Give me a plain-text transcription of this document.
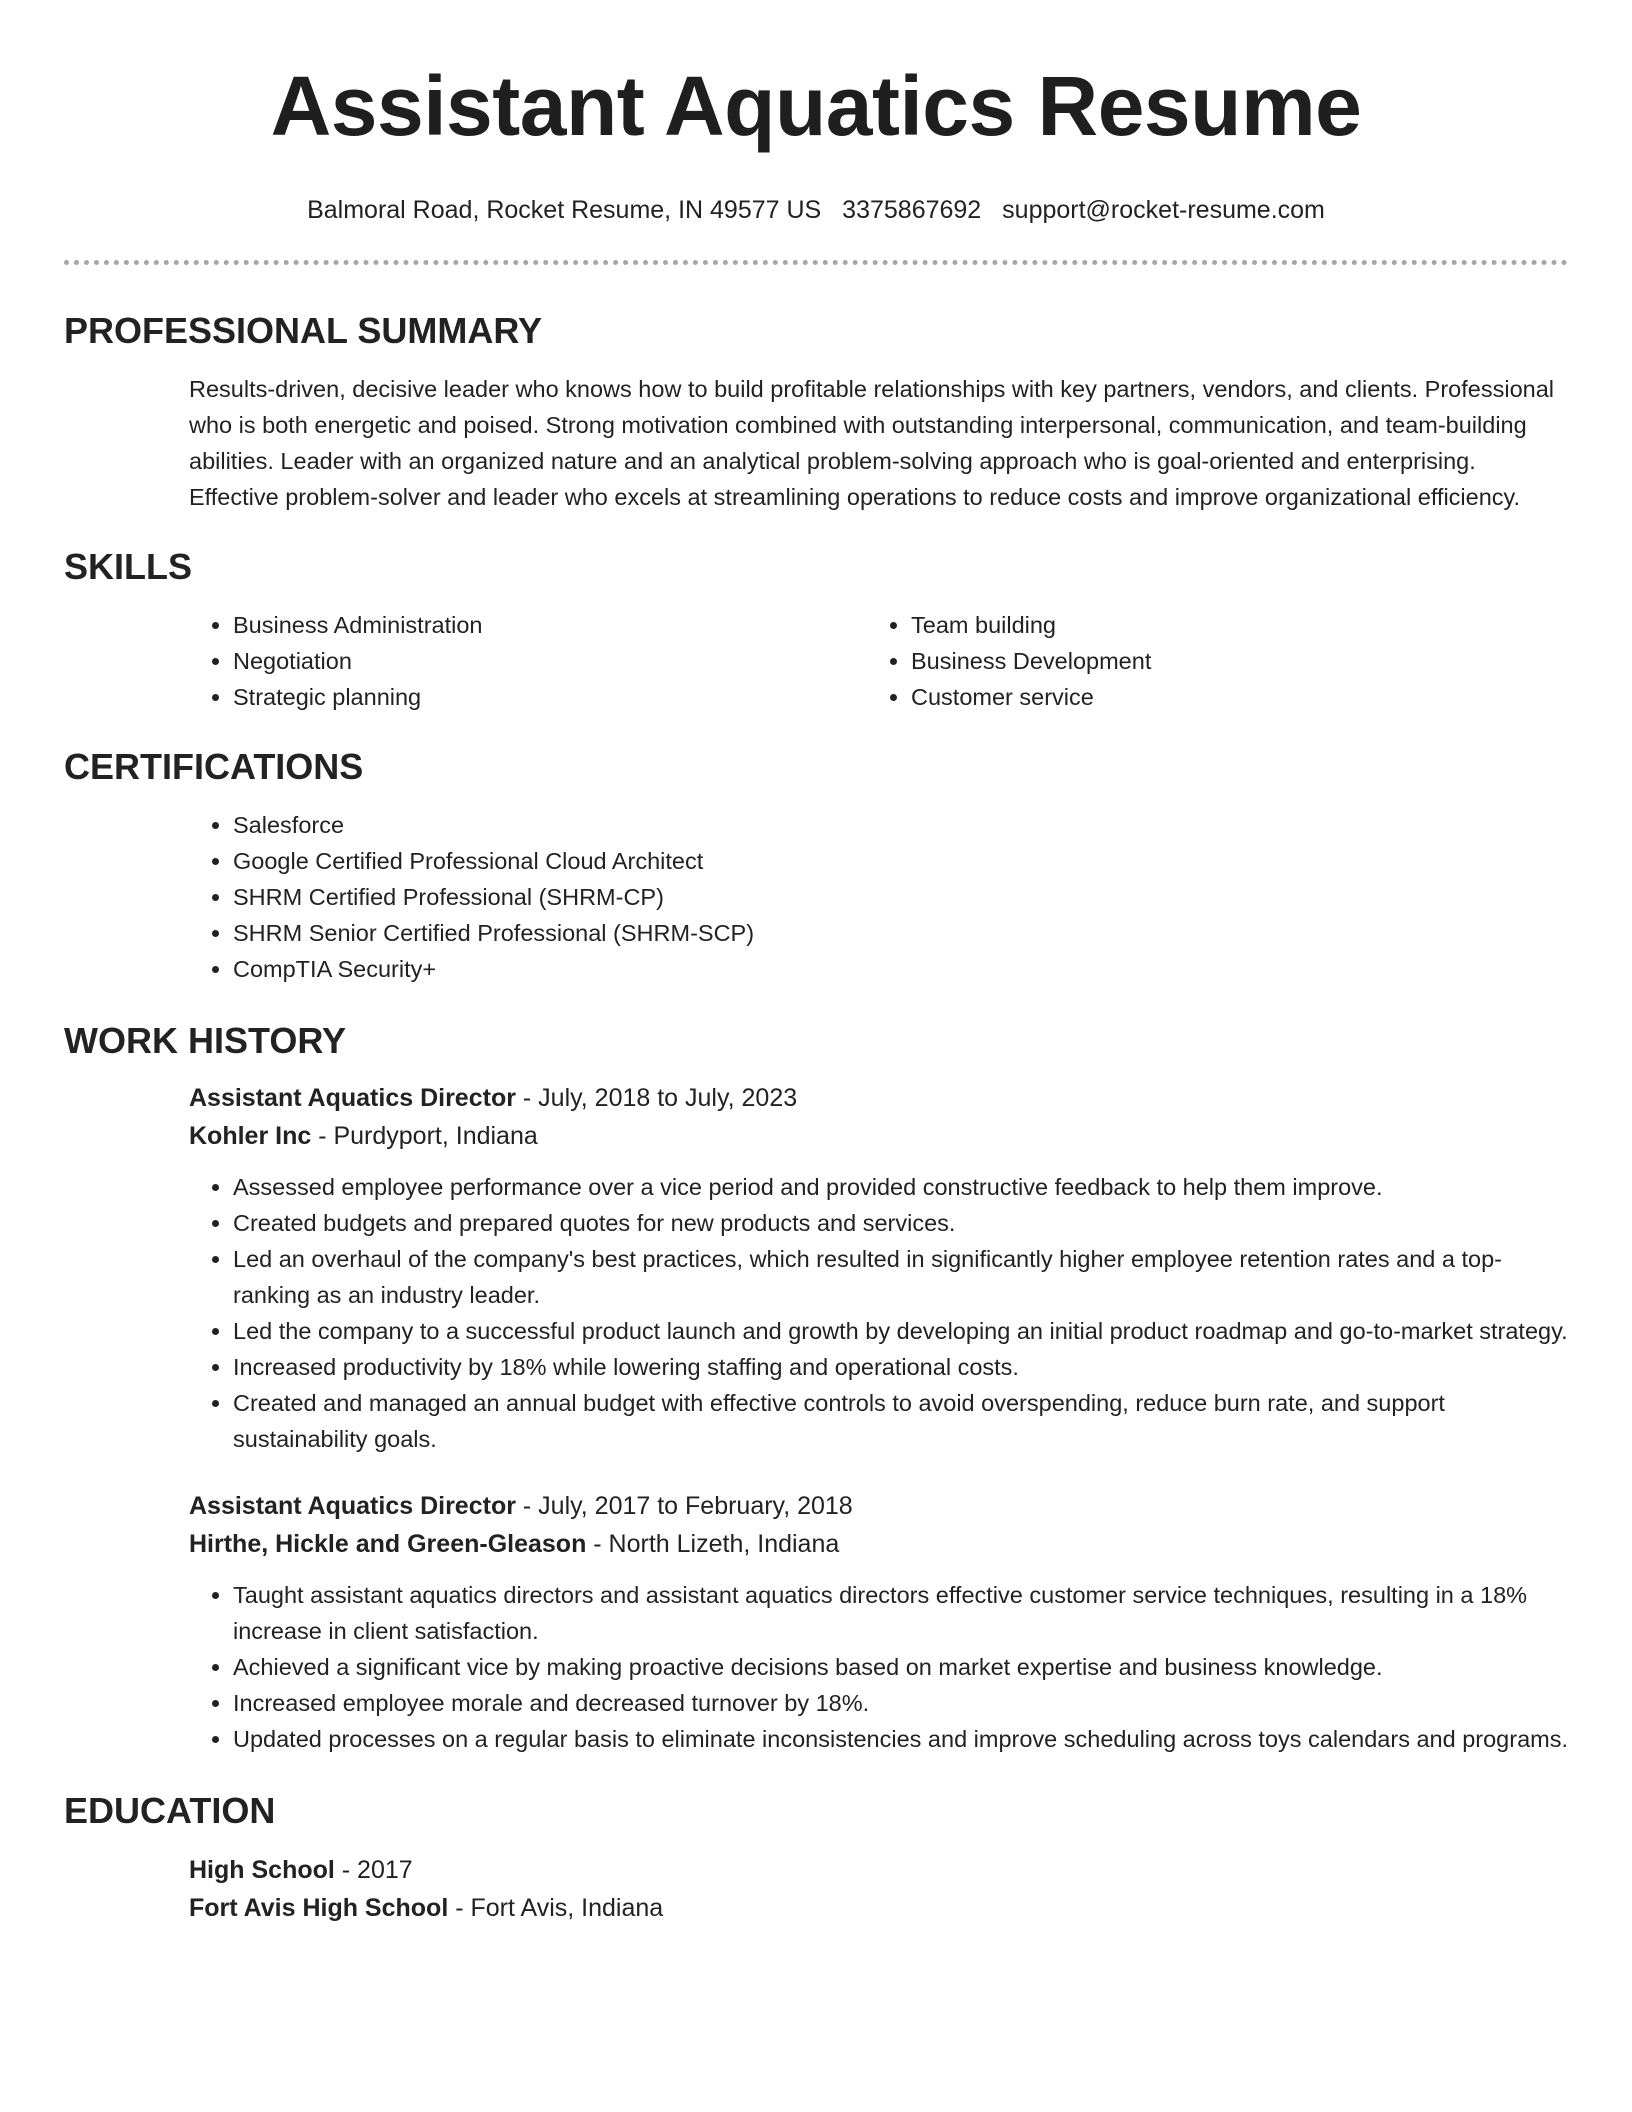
Assistant Aquatics Resume
Balmoral Road, Rocket Resume, IN 49577 US 3375867692 support@rocket-resume.com
PROFESSIONAL SUMMARY

Results-driven, decisive leader who knows how to build profitable relationships with key partners, vendors, and clients. Professional who is both energetic and poised. Strong motivation combined with outstanding interpersonal, communication, and team-building abilities. Leader with an organized nature and an analytical problem-solving approach who is goal-oriented and enterprising. Effective problem-solver and leader who excels at streamlining operations to reduce costs and improve organizational efficiency.

SKILLS
• Business Administration
• Negotiation
• Strategic planning
• Team building
• Business Development
• Customer service
CERTIFICATIONS
• Salesforce
• Google Certified Professional Cloud Architect
• SHRM Certified Professional (SHRM-CP)
• SHRM Senior Certified Professional (SHRM-SCP)
• CompTIA Security+
WORK HISTORY
Assistant Aquatics Director - July, 2018 to July, 2023
Kohler Inc - Purdyport, Indiana
• Assessed employee performance over a vice period and provided constructive feedback to help them improve.
• Created budgets and prepared quotes for new products and services.
• Led an overhaul of the company's best practices, which resulted in significantly higher employee retention rates and a top-ranking as an industry leader.
• Led the company to a successful product launch and growth by developing an initial product roadmap and go-to-market strategy.
• Increased productivity by 18% while lowering staffing and operational costs.
• Created and managed an annual budget with effective controls to avoid overspending, reduce burn rate, and support sustainability goals.
Assistant Aquatics Director - July, 2017 to February, 2018
Hirthe, Hickle and Green-Gleason - North Lizeth, Indiana
• Taught assistant aquatics directors and assistant aquatics directors effective customer service techniques, resulting in a 18% increase in client satisfaction.
• Achieved a significant vice by making proactive decisions based on market expertise and business knowledge.
• Increased employee morale and decreased turnover by 18%.
• Updated processes on a regular basis to eliminate inconsistencies and improve scheduling across toys calendars and programs.
EDUCATION
High School - 2017
Fort Avis High School - Fort Avis, Indiana
